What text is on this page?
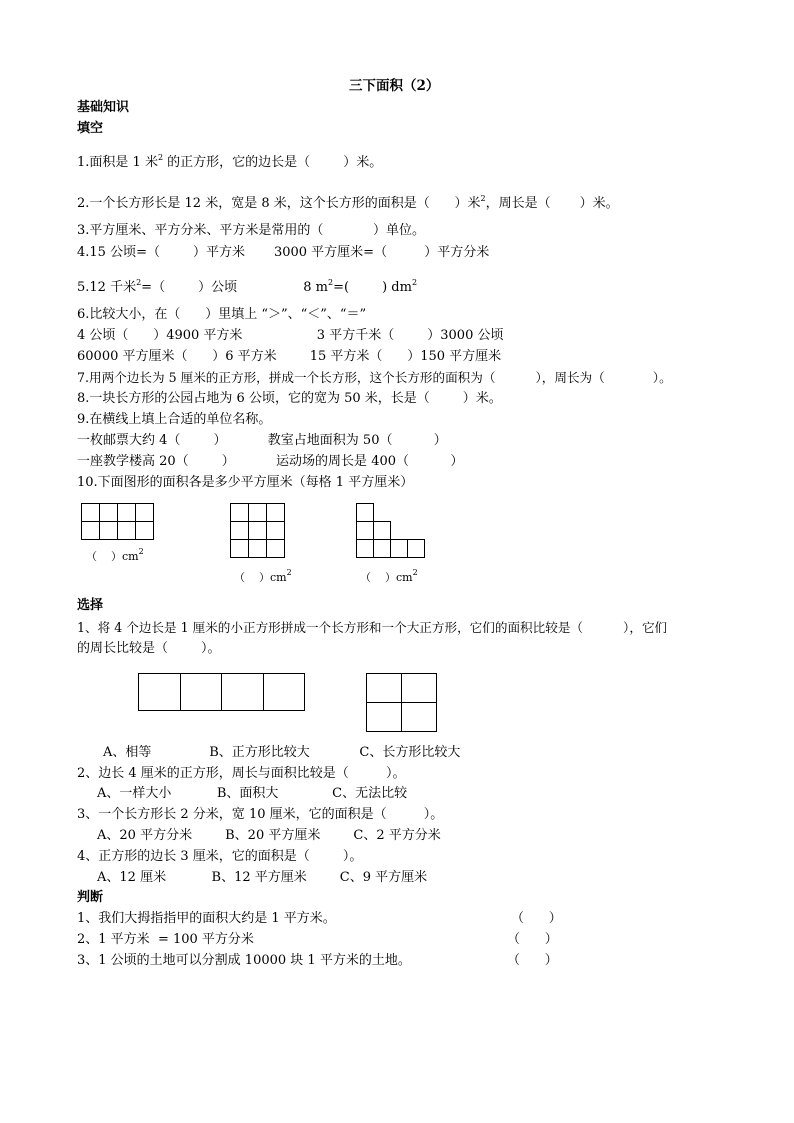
三下面积（2）
基础知识
填空
1.面积是 1 米$^2$ 的正方形，它的边长是（        ）米。
2.一个长方形长是 12 米，宽是 8 米，这个长方形的面积是（      ）米$^2$，周长是（       ）米。
3.平方厘米、平方分米、平方米是常用的（            ）单位。
4.15 公顷=（        ）平方米       3000 平方厘米=（         ）平方分米
5.12 千米$^2$=（        ）公顷                8 $m^2=$(        ) $dm^2$
6.比较大小，在（      ）里填上 “＞”、“＜”、“＝”
4 公顷（      ）4900 平方米                  3 平方千米（        ）3000 公顷
60000 平方厘米（      ）6 平方米        15 平方米（      ）150 平方厘米
7.用两个边长为 5 厘米的正方形，拼成一个长方形，这个长方形的面积为（          ），周长为（            ）。
8.一块长方形的公园占地为 6 公顷，它的宽为 50 米，长是（        ）米。
9.在横线上填上合适的单位名称。
一枚邮票大约 4（        ）          教室占地面积为 50（          ）
一座教学楼高 20（        ）          运动场的周长是 400（          ）
10.下面图形的面积各是多少平方厘米（每格 1 平方厘米）
（    ）$cm^2$
（    ）$cm^2$	（    ）$cm^2$
选择
1、将 4 个边长是 1 厘米的小正方形拼成一个长方形和一个大正方形，它们的面积比较是（          ），它们
的周长比较是（        ）。
A、相等              B、正方形比较大            C、长方形比较大
2、边长 4 厘米的正方形，周长与面积比较是（         ）。
A、一样大小           B、面积大             C、无法比较
3、一个长方形长 2 分米，宽 10 厘米，它的面积是（         ）。
A、20 平方分米        B、20 平方厘米        C、2 平方分米
4、正方形的边长 3 厘米，它的面积是（        ）。
A、12 厘米           B、12 平方厘米        C、9 平方厘米
判断
1、我们大拇指指甲的面积大约是 1 平方米。	（      ）
2、1 平方米  = 100 平方分米	（      ）
3、1 公顷的土地可以分割成 10000 块 1 平方米的土地。	（      ）
